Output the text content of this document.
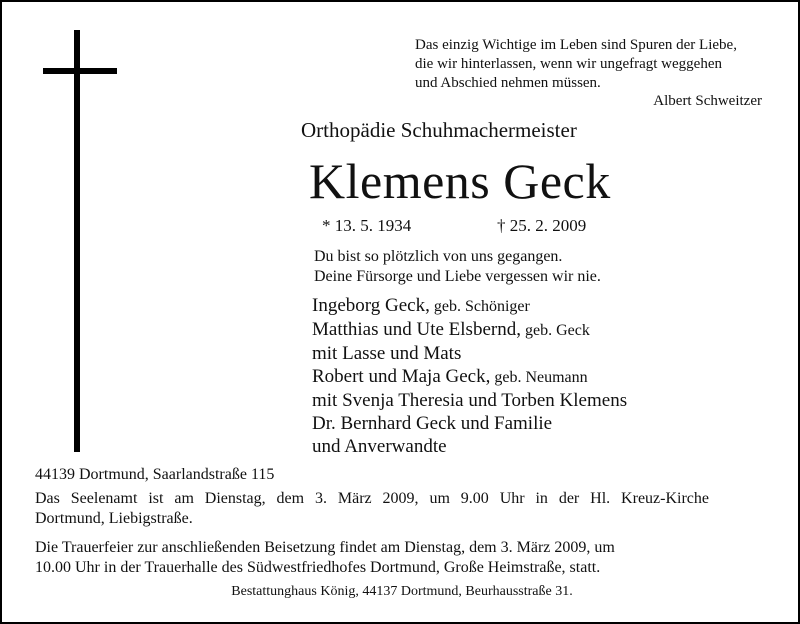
Das einzig Wichtige im Leben sind Spuren der Liebe,
die wir hinterlassen, wenn wir ungefragt weggehen
und Abschied nehmen müssen.
Albert Schweitzer
Orthopädie Schuhmachermeister
Klemens Geck
* 13. 5. 1934	† 25. 2. 2009
Du bist so plötzlich von uns gegangen.
Deine Fürsorge und Liebe vergessen wir nie.
Ingeborg Geck, geb. Schöniger
Matthias und Ute Elsbernd, geb. Geck
mit Lasse und Mats
Robert und Maja Geck, geb. Neumann
mit Svenja Theresia und Torben Klemens
Dr. Bernhard Geck und Familie
und Anverwandte
44139 Dortmund, Saarlandstraße 115
Das Seelenamt ist am Dienstag, dem 3. März 2009, um 9.00 Uhr in der Hl. Kreuz-Kirche
Dortmund, Liebigstraße.
Die Trauerfeier zur anschließenden Beisetzung findet am Dienstag, dem 3. März 2009, um
10.00 Uhr in der Trauerhalle des Südwestfriedhofes Dortmund, Große Heimstraße, statt.
Bestattunghaus König, 44137 Dortmund, Beurhausstraße 31.
